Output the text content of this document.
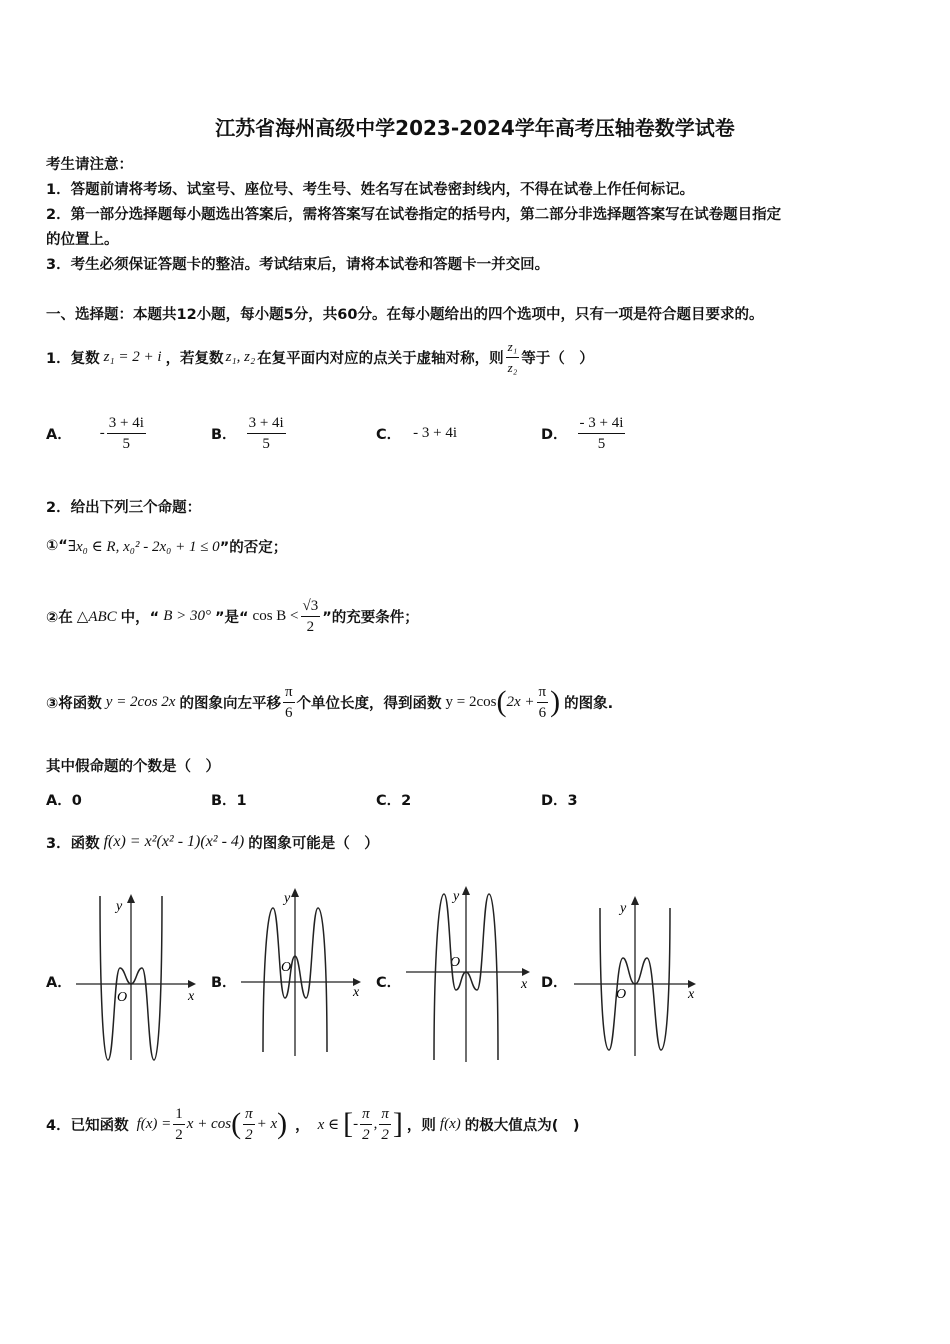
江苏省海州高级中学2023-2024学年高考压轴卷数学试卷
考生请注意：
1．答题前请将考场、试室号、座位号、考生号、姓名写在试卷密封线内，不得在试卷上作任何标记。
2．第一部分选择题每小题选出答案后，需将答案写在试卷指定的括号内，第二部分非选择题答案写在试卷题目指定
的位置上。
3．考生必须保证答题卡的整洁。考试结束后，请将本试卷和答题卡一并交回。
一、选择题：本题共12小题，每小题5分，共60分。在每小题给出的四个选项中，只有一项是符合题目要求的。
1．复数 z₁ = 2 + i ，若复数 z₁, z₂ 在复平面内对应的点关于虚轴对称，则 $\frac{\text{z₁}}{\text{z₂}}$ 等于（　）
A． - $\frac{3 + 4i}{5}$	B． $\frac{3 + 4i}{5}$	C． - 3 + 4i	D． $\frac{- 3 + 4i}{5}$
2．给出下列三个命题：
①“ ∃x₀ ∈ R, x₀² - 2x₀ + 1 ≤ 0 ”的否定；
②在 △ABC 中，“ B > 30° ”是“ $\cos B < \frac{√3}{2}$ ”的充要条件；
③将函数 y = 2cos 2x 的图象向左平移 $\frac{\pi}{6}$ 个单位长度，得到函数 y = 2cos ( $2x + \frac{\pi}{6}$ ) 的图象.
其中假命题的个数是（　）
A．0	B．1	C．2	D．3
3．函数 f(x) = x²(x² - 1)(x² - 4) 的图象可能是（　）
A．	B．	C．	D．
x
y
O	x
y
O
x
y
O
x
y
O
4．已知函数 $f(x) = \frac{1}{2}$ x + cos ( $\frac{\pi}{2} + x$ ) ， x ∈ [ - $\frac{\pi}{2}$ , $\frac{\pi}{2}$ ] ，则 f(x) 的极大值点为(　)
